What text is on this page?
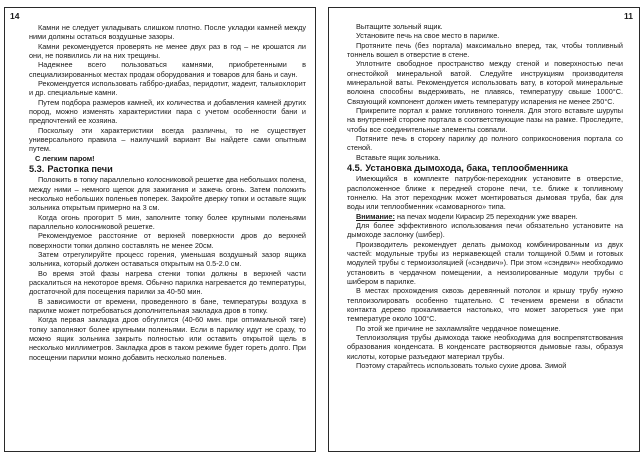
14

Камни не следует укладывать слишком плотно. После укладки камней между ними должны остаться воздушные зазоры.

Камни рекомендуется проверять не менее двух раз в год – не крошатся ли они, не появились ли на них трещины.

Надежнее всего пользоваться камнями, приобретенными в специализированных местах продаж оборудования и товаров для бань и саун.

Рекомендуется использовать габбро-диабаз, перидотит, жадеит, талькохлорит и др. специальные камни.

Путем подбора размеров камней, их количества и добавления камней других пород, можно изменять характеристики пара с учетом особенности бани и предпочтений ее хозяина.

Поскольку эти характеристики всегда различны, то не существует универсального правила – наилучший вариант Вы найдете сами опытным путем.

С легким паром!

5.3. Растопка печи

Положить в топку параллельно колосниковой решетке два небольших полена, между ними – немного щепок для зажигания и зажечь огонь. Затем положить несколько небольших поленьев поперек. Закройте дверку топки и оставьте ящик зольника открытым примерно на 3 см.

Когда огонь прогорит 5 мин, заполните топку более крупными поленьями параллельно колосниковой решетке.

Рекомендуемое расстояние от верхней поверхности дров до верхней поверхности топки должно составлять не менее 20см.

Затем отрегулируйте процесс горения, уменьшая воздушный зазор ящика зольника, который должен оставаться открытым на 0.5-2.0 см.

Во время этой фазы нагрева стенки топки должны в верхней части раскалиться на некоторое время. Обычно парилка нагревается до температуры, достаточной для посещения парилки за 40-50 мин.

В зависимости от времени, проведенного в бане, температуры воздуха в парилке может потребоваться дополнительная закладка дров в топку.

Когда первая закладка дров обгуглится (40-60 мин. при оптимальной тяге) топку заполняют более крупными поленьями. Если в парилку идут не сразу, то можно ящик зольника закрыть полностью или оставить открытой щель в несколько миллиметров. Закладка дров в таком режиме будет гореть долго. При посещении парилки можно добавить несколько поленьев.

11

Вытащите зольный ящик.

Установите печь на свое место в парилке.

Протяните печь (без портала) максимально вперед, так, чтобы топливный тоннель вошел в отверстие в стене.

Уплотните свободное пространство между стеной и поверхностью печи огнестойкой минеральной ватой. Следуйте инструкциям производителя минеральной ваты. Рекомендуется использовать вату, в которой минеральные волокна способны выдерживать, не плавясь, температуру свыше 1000°С. Связующий компонент должен иметь температуру испарения не менее 250°С.

Прикрепите портал к рамке топливного тоннеля. Для этого вставьте шурупы на внутренней стороне портала в соответствующие пазы на рамке. Проследите, чтобы все соединительные элементы совпали.

Потяните печь в сторону парилку до полного соприкосновения портала со стеной.

Вставьте ящик зольника.

4.5. Установка дымохода, бака, теплообменника

Имеющийся в комплекте патрубок-переходник установите в отверстие, расположенное ближе к передней стороне печи, т.е. ближе к топливному тоннелю. На этот переходник может монтироваться дымовая труба, бак для воды или теплообменник «самоварного» типа.

Внимание: на печах модели Кирасир 25 переходник уже вварен.

Для более эффективного использования печи обязательно установите на дымоходе заслонку (шибер).

Производитель рекомендует делать дымоход комбинированным из двух частей: модульные трубы из нержавеющей стали толщиной 0.5мм и готовых модулей трубы с термоизоляцией («сэндвич»). При этом «сэндвич» необходимо установить в чердачном помещении, а неизолированные модули трубы с шибером в парилке.

В местах прохождения сквозь деревянный потолок и крышу трубу нужно теплоизолировать особенно тщательно. С течением времени в области контакта дерево прокаливается настолько, что может загореться уже при температуре около 100°С.

По этой же причине не захламляйте чердачное помещение.

Теплоизоляция трубы дымохода также необходима для воспрепятствования образования конденсата. В конденсате растворяются дымовые газы, образуя кислоты, которые разъедают материал трубы.

Поэтому старайтесь использовать только сухие дрова. Зимой
